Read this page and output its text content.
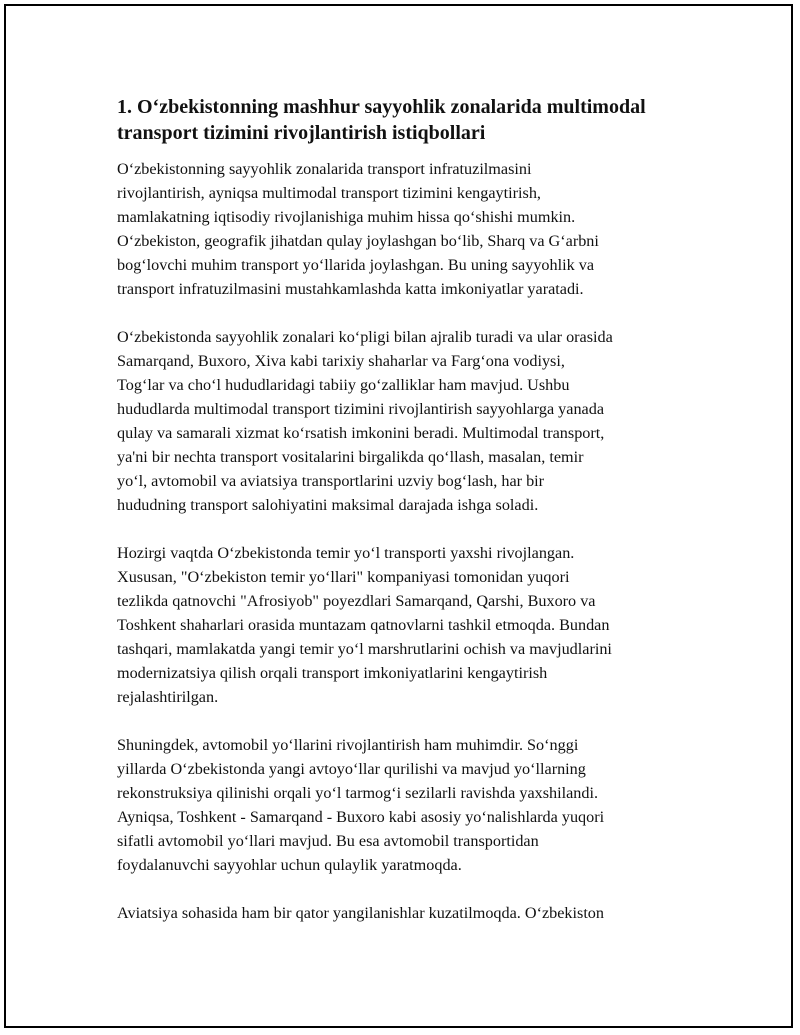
1. O‘zbekistonning mashhur sayyohlik zonalarida multimodal
transport tizimini rivojlantirish istiqbollari

O‘zbekistonning sayyohlik zonalarida transport infratuzilmasini
rivojlantirish, ayniqsa multimodal transport tizimini kengaytirish,
mamlakatning iqtisodiy rivojlanishiga muhim hissa qo‘shishi mumkin.
O‘zbekiston, geografik jihatdan qulay joylashgan bo‘lib, Sharq va G‘arbni
bog‘lovchi muhim transport yo‘llarida joylashgan. Bu uning sayyohlik va
transport infratuzilmasini mustahkamlashda katta imkoniyatlar yaratadi.

O‘zbekistonda sayyohlik zonalari ko‘pligi bilan ajralib turadi va ular orasida
Samarqand, Buxoro, Xiva kabi tarixiy shaharlar va Farg‘ona vodiysi,
Tog‘lar va cho‘l hududlaridagi tabiiy go‘zalliklar ham mavjud. Ushbu
hududlarda multimodal transport tizimini rivojlantirish sayyohlarga yanada
qulay va samarali xizmat ko‘rsatish imkonini beradi. Multimodal transport,
ya'ni bir nechta transport vositalarini birgalikda qo‘llash, masalan, temir
yo‘l, avtomobil va aviatsiya transportlarini uzviy bog‘lash, har bir
hududning transport salohiyatini maksimal darajada ishga soladi.

Hozirgi vaqtda O‘zbekistonda temir yo‘l transporti yaxshi rivojlangan.
Xususan, "O‘zbekiston temir yo‘llari" kompaniyasi tomonidan yuqori
tezlikda qatnovchi "Afrosiyob" poyezdlari Samarqand, Qarshi, Buxoro va
Toshkent shaharlari orasida muntazam qatnovlarni tashkil etmoqda. Bundan
tashqari, mamlakatda yangi temir yo‘l marshrutlarini ochish va mavjudlarini
modernizatsiya qilish orqali transport imkoniyatlarini kengaytirish
rejalashtirilgan.

Shuningdek, avtomobil yo‘llarini rivojlantirish ham muhimdir. So‘nggi
yillarda O‘zbekistonda yangi avtoyo‘llar qurilishi va mavjud yo‘llarning
rekonstruksiya qilinishi orqali yo‘l tarmog‘i sezilarli ravishda yaxshilandi.
Ayniqsa, Toshkent - Samarqand - Buxoro kabi asosiy yo‘nalishlarda yuqori
sifatli avtomobil yo‘llari mavjud. Bu esa avtomobil transportidan
foydalanuvchi sayyohlar uchun qulaylik yaratmoqda.

Aviatsiya sohasida ham bir qator yangilanishlar kuzatilmoqda. O‘zbekiston
